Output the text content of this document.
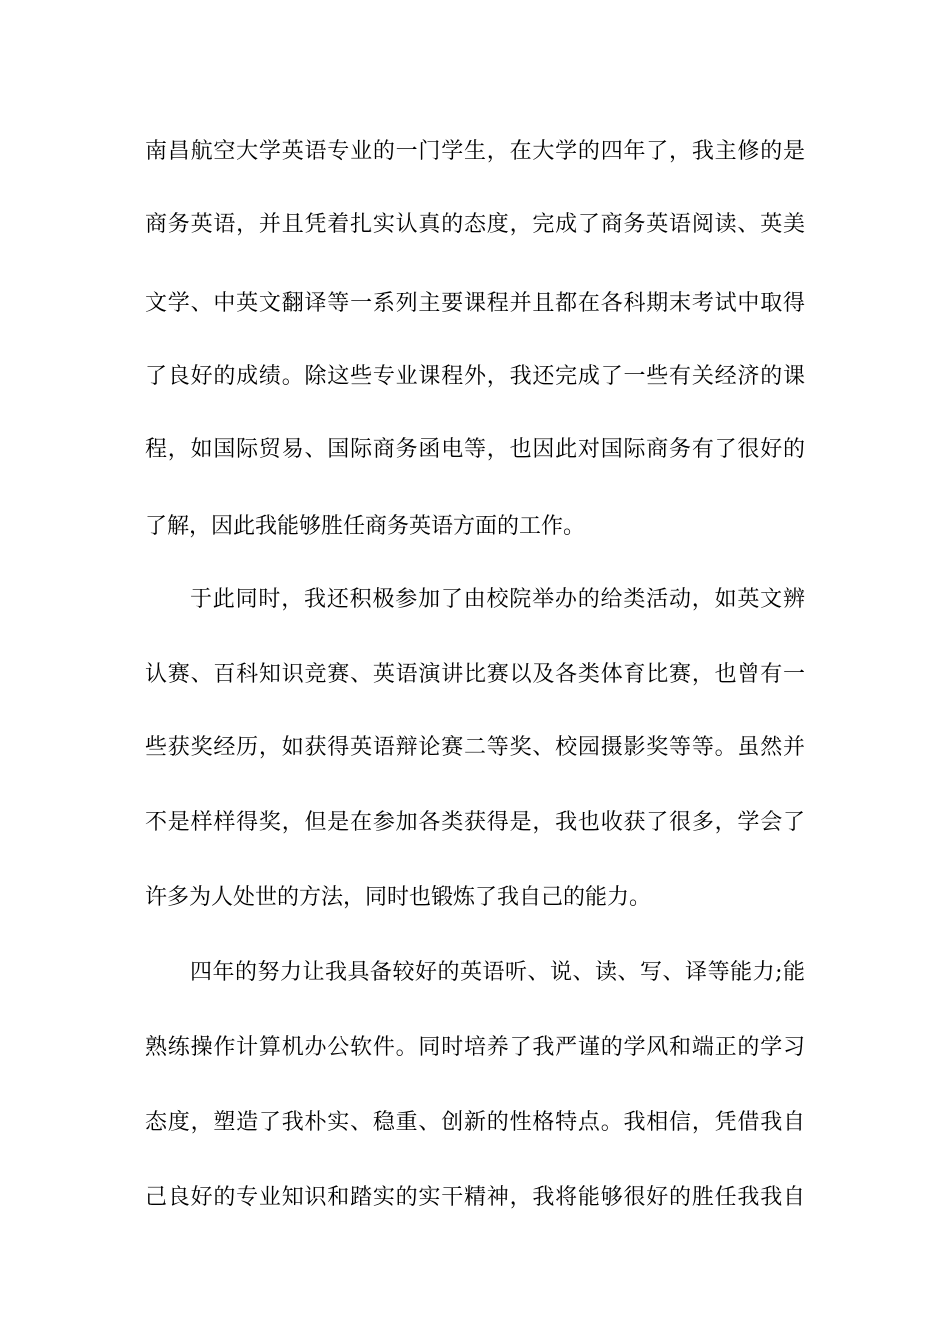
南昌航空大学英语专业的一门学生，在大学的四年了，我主修的是
商务英语，并且凭着扎实认真的态度，完成了商务英语阅读、英美
文学、中英文翻译等一系列主要课程并且都在各科期末考试中取得
了良好的成绩。除这些专业课程外，我还完成了一些有关经济的课
程，如国际贸易、国际商务函电等，也因此对国际商务有了很好的
了解，因此我能够胜任商务英语方面的工作。
于此同时，我还积极参加了由校院举办的给类活动，如英文辨
认赛、百科知识竞赛、英语演讲比赛以及各类体育比赛，也曾有一
些获奖经历，如获得英语辩论赛二等奖、校园摄影奖等等。虽然并
不是样样得奖，但是在参加各类获得是，我也收获了很多，学会了
许多为人处世的方法，同时也锻炼了我自己的能力。
四年的努力让我具备较好的英语听、说、读、写、译等能力;能
熟练操作计算机办公软件。同时培养了我严谨的学风和端正的学习
态度，塑造了我朴实、稳重、创新的性格特点。我相信，凭借我自
己良好的专业知识和踏实的实干精神，我将能够很好的胜任我我自
